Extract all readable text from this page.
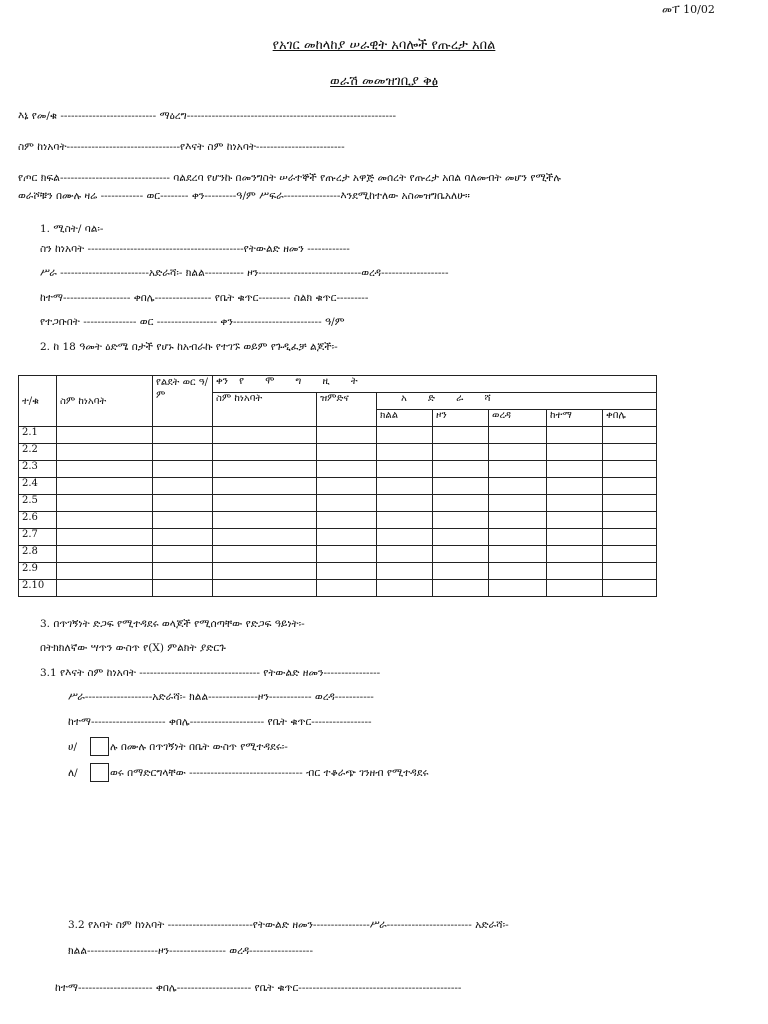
መፐ 10/02
የአገር መከላከያ ሠራዊት አባሎች የጡረታ አበል
ወራሽ መመዝገቢያ ቅፅ
እኔ የመ/ቁ --------------------------- ማዕረግ-----------------------------------------------------------
ስም ከነአባት--------------------------------የእናት ስም ከነአባት-------------------------
የጦር ክፍል------------------------------- ባልደረባ የሆንኩ በመንግስት ሠራተኞች የጡረታ አዋጅ መሰረት የጡረታ አበል ባለመብት መሆን የሚችሉ
ወራሾቹን በሙሉ ዛሬ ------------ ወር-------- ቀን---------ዓ/ም ሥፍራ----------------እንደሚከተለው አስመዝግቤአለሁ።
1. ሚስት/ ባል፡-
ስን ከነአባት --------------------------------------------የትውልድ ዘመን ------------
ሥራ -------------------------አድራሻ፡- ክልል----------- ዞን-----------------------------ወረዳ-------------------
ከተማ------------------- ቀበሌ---------------- የቤት ቁጥር--------- ስልክ ቁጥር---------
የተጋቡበት --------------- ወር ----------------- ቀን------------------------- ዓ/ም
2. ከ 18 ዓመት ዕድሜ በታች የሆኑ ከአብራኩ የተገኙ ወይም የጉዲፈቻ ልጆች፡-
ተ/ቁ	ስም ከነአባት	የልደት ወር ዓ/ም	ቀን የ ሞ ግ ዚ ት						
			ስም ከነአባት	ዝምድና	አ ድ ራ ሻ				
					ክልል	ዞን	ወረዳ	ከተማ	ቀበሌ
2.1									
2.2									
2.3									
2.4									
2.5									
2.6									
2.7									
2.8									
2.9									
2.10									
3. በጥገኝነት ድጋፍ የሚተዳደሩ ወላጆች የሚሰጣቸው የድጋፍ ዓይነት፡-
በትክክለኛው ሣጥን ውስጥ የ(X) ምልክት ያድርጉ
3.1 የእናት ስም ከነአባት ---------------------------------- የትውልድ ዘመን----------------
ሥራ-------------------አድራሻ፡- ክልል--------------ዞን------------ ወረዳ-----------
ከተማ--------------------- ቀበሌ--------------------- የቤት ቁጥር-----------------
ሀ/	ሉ በሙሉ በጥገኝነት በቤት ውስጥ የሚተዳደሩ፡-
ለ/	ወሩ በማድርግላቸው -------------------------------- ብር ተቆራጭ ገንዘብ የሚተዳደሩ
3.2 የአባት ስም ከነአባት ------------------------የትውልድ ዘመን----------------ሥራ------------------------ አድራሻ፡-
ክልል--------------------ዞን---------------- ወረዳ------------------
ከተማ--------------------- ቀበሌ--------------------- የቤት ቁጥር----------------------------------------------
